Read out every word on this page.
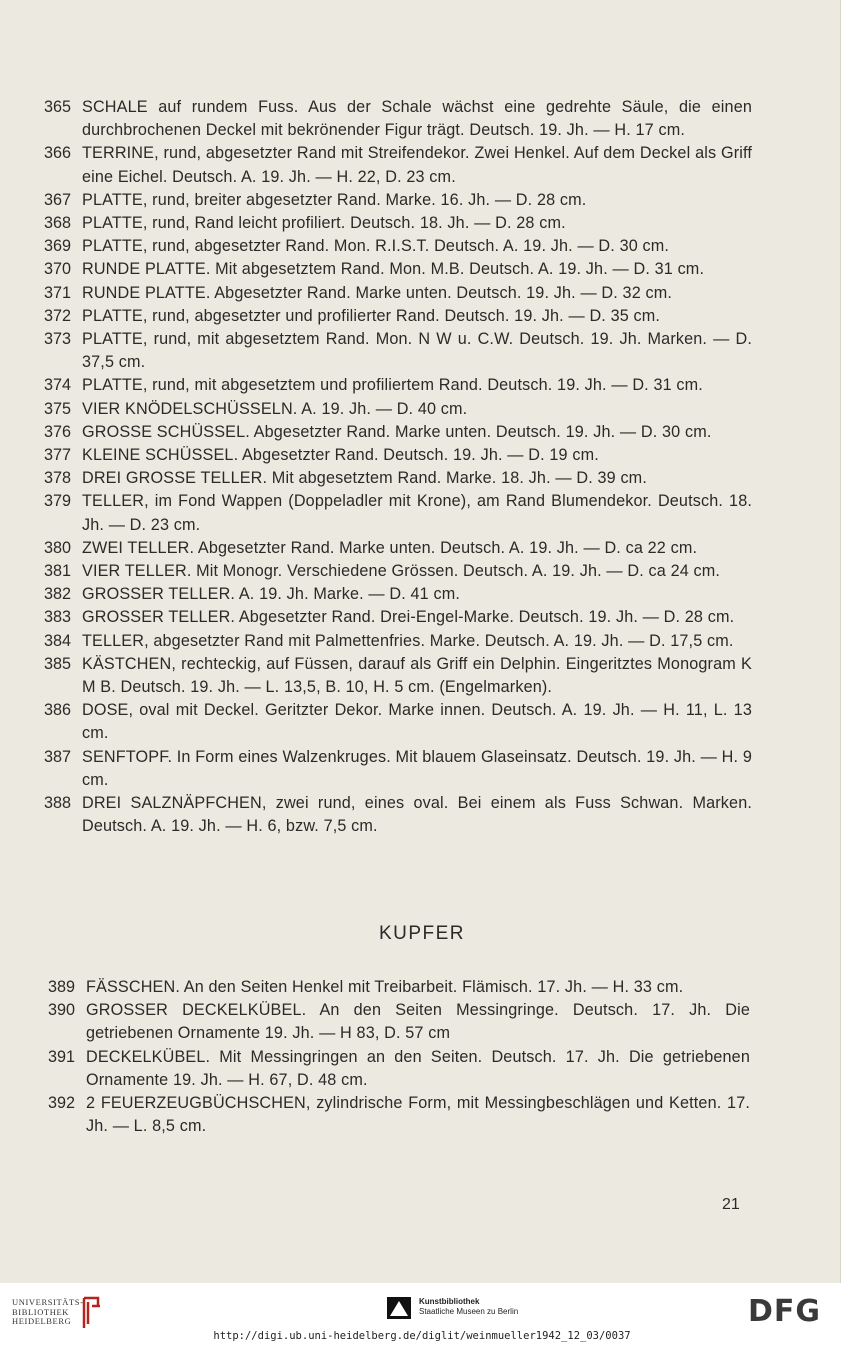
365 SCHALE auf rundem Fuss. Aus der Schale wächst eine gedrehte Säule, die einen durchbrochenen Deckel mit bekrönender Figur trägt. Deutsch. 19. Jh. — H. 17 cm.
366 TERRINE, rund, abgesetzter Rand mit Streifendekor. Zwei Henkel. Auf dem Deckel als Griff eine Eichel. Deutsch. A. 19. Jh. — H. 22, D. 23 cm.
367 PLATTE, rund, breiter abgesetzter Rand. Marke. 16. Jh. — D. 28 cm.
368 PLATTE, rund, Rand leicht profiliert. Deutsch. 18. Jh. — D. 28 cm.
369 PLATTE, rund, abgesetzter Rand. Mon. R.I.S.T. Deutsch. A. 19. Jh. — D. 30 cm.
370 RUNDE PLATTE. Mit abgesetztem Rand. Mon. M.B. Deutsch. A. 19. Jh. — D. 31 cm.
371 RUNDE PLATTE. Abgesetzter Rand. Marke unten. Deutsch. 19. Jh. — D. 32 cm.
372 PLATTE, rund, abgesetzter und profilierter Rand. Deutsch. 19. Jh. — D. 35 cm.
373 PLATTE, rund, mit abgesetztem Rand. Mon. N W u. C.W. Deutsch. 19. Jh. Marken. — D. 37,5 cm.
374 PLATTE, rund, mit abgesetztem und profiliertem Rand. Deutsch. 19. Jh. — D. 31 cm.
375 VIER KNÖDELSCHÜSSELN. A. 19. Jh. — D. 40 cm.
376 GROSSE SCHÜSSEL. Abgesetzter Rand. Marke unten. Deutsch. 19. Jh. — D. 30 cm.
377 KLEINE SCHÜSSEL. Abgesetzter Rand. Deutsch. 19. Jh. — D. 19 cm.
378 DREI GROSSE TELLER. Mit abgesetztem Rand. Marke. 18. Jh. — D. 39 cm.
379 TELLER, im Fond Wappen (Doppeladler mit Krone), am Rand Blumendekor. Deutsch. 18. Jh. — D. 23 cm.
380 ZWEI TELLER. Abgesetzter Rand. Marke unten. Deutsch. A. 19. Jh. — D. ca 22 cm.
381 VIER TELLER. Mit Monogr. Verschiedene Grössen. Deutsch. A. 19. Jh. — D. ca 24 cm.
382 GROSSER TELLER. A. 19. Jh. Marke. — D. 41 cm.
383 GROSSER TELLER. Abgesetzter Rand. Drei-Engel-Marke. Deutsch. 19. Jh. — D. 28 cm.
384 TELLER, abgesetzter Rand mit Palmettenfries. Marke. Deutsch. A. 19. Jh. — D. 17,5 cm.
385 KÄSTCHEN, rechteckig, auf Füssen, darauf als Griff ein Delphin. Eingeritztes Monogram K M B. Deutsch. 19. Jh. — L. 13,5, B. 10, H. 5 cm. (Engelmarken).
386 DOSE, oval mit Deckel. Geritzter Dekor. Marke innen. Deutsch. A. 19. Jh. — H. 11, L. 13 cm.
387 SENFTOPF. In Form eines Walzenkruges. Mit blauem Glaseinsatz. Deutsch. 19. Jh. — H. 9 cm.
388 DREI SALZNÄPFCHEN, zwei rund, eines oval. Bei einem als Fuss Schwan. Marken. Deutsch. A. 19. Jh. — H. 6, bzw. 7,5 cm.
KUPFER
389 FÄSSCHEN. An den Seiten Henkel mit Treibarbeit. Flämisch. 17. Jh. — H. 33 cm.
390 GROSSER DECKELKÜBEL. An den Seiten Messingringe. Deutsch. 17. Jh. Die getriebenen Ornamente 19. Jh. — H 83, D. 57 cm
391 DECKELKÜBEL. Mit Messingringen an den Seiten. Deutsch. 17. Jh. Die getriebenen Ornamente 19. Jh. — H. 67, D. 48 cm.
392 2 FEUERZEUGBÜCHSCHEN, zylindrische Form, mit Messingbeschlägen und Ketten. 17. Jh. — L. 8,5 cm.
21
UNIVERSITÄTS-
BIBLIOTHEK
HEIDELBERG
Kunstbibliothek
Staatliche Museen zu Berlin	DFG
http://digi.ub.uni-heidelberg.de/diglit/weinmueller1942_12_03/0037
